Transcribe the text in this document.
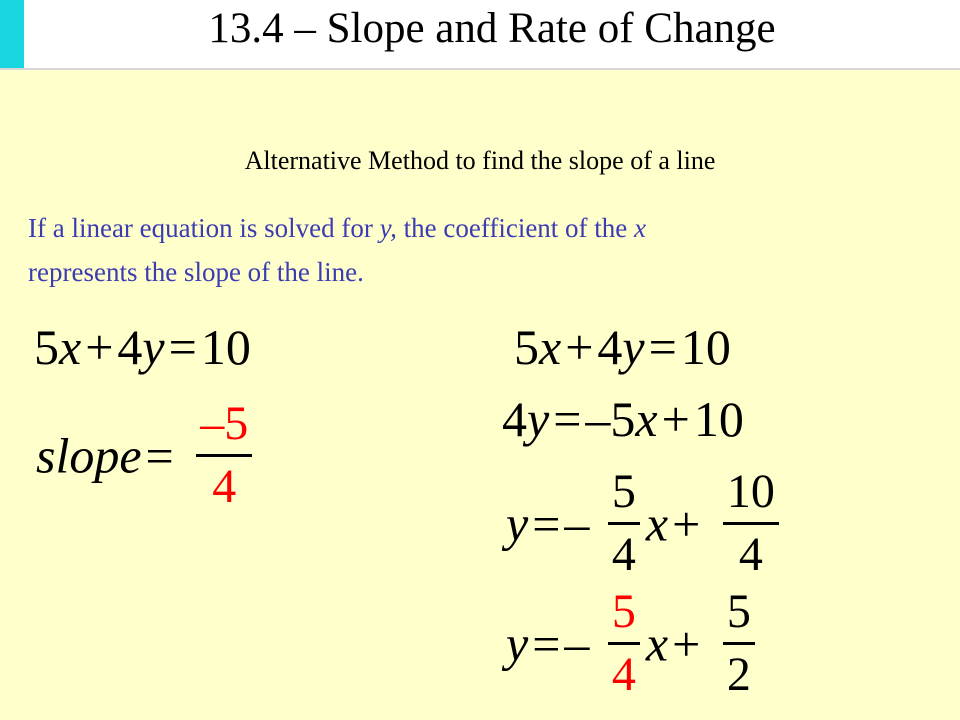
13.4 – Slope and Rate of Change
Alternative Method to find the slope of a line
If a linear equation is solved for y, the coefficient of the x
represents the slope of the line.
5x+4y=10
slope= $\frac{-5}{4}$
5x+4y=10
4y=–5x+10
$y=- \frac{5}{4} x+ \frac{10}{4}$
$y=- \frac{5}{4} x+ \frac{5}{2}$
